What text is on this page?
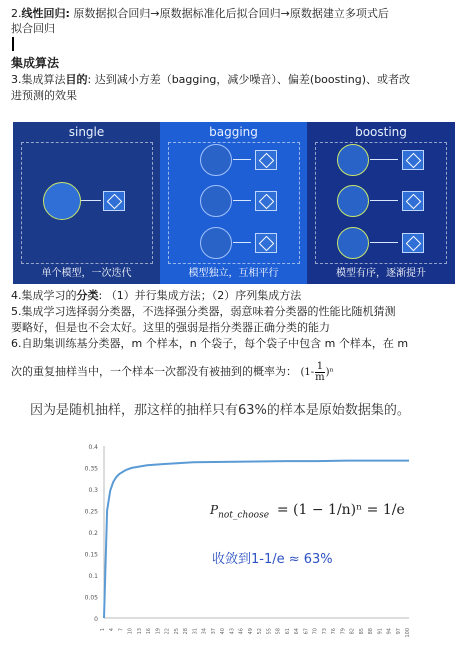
2.线性回归: 原数据拟合回归→原数据标准化后拟合回归→原数据建立多项式后
拟合回归
集成算法
3.集成算法目的: 达到减小方差（bagging，减少噪音）、偏差(boosting)、或者改
进预测的效果
single
单个模型，一次迭代
bagging
模型独立，互相平行
boosting
模型有序，逐渐提升
4.集成学习的分类: （1）并行集成方法；（2）序列集成方法
5.集成学习选择弱分类器，不选择强分类器，弱意味着分类器的性能比随机猜测
要略好，但是也不会太好。这里的强弱是指分类器正确分类的能力
6.自助集训练基分类器，m 个样本，n 个袋子，每个袋子中包含 m 个样本，在 m
次的重复抽样当中，一个样本一次都没有被抽到的概率为： $(1- \frac{1}{m} )^n$
因为是随机抽样，那这样的抽样只有63%的样本是原始数据集的。
0
0.05
0.1
0.15
0.2
0.25
0.3
0.35
0.4
1 4 7 10 13 16 19 22 25 28 31 34 37 40 43 46 49 52 55 58 61 64 67 70 73 76 79 82 85 88 91 94 97 100
$P_{not\_choose} = (1 - 1/n)^n = 1/e$
收敛到1-1/e ≈ 63%
